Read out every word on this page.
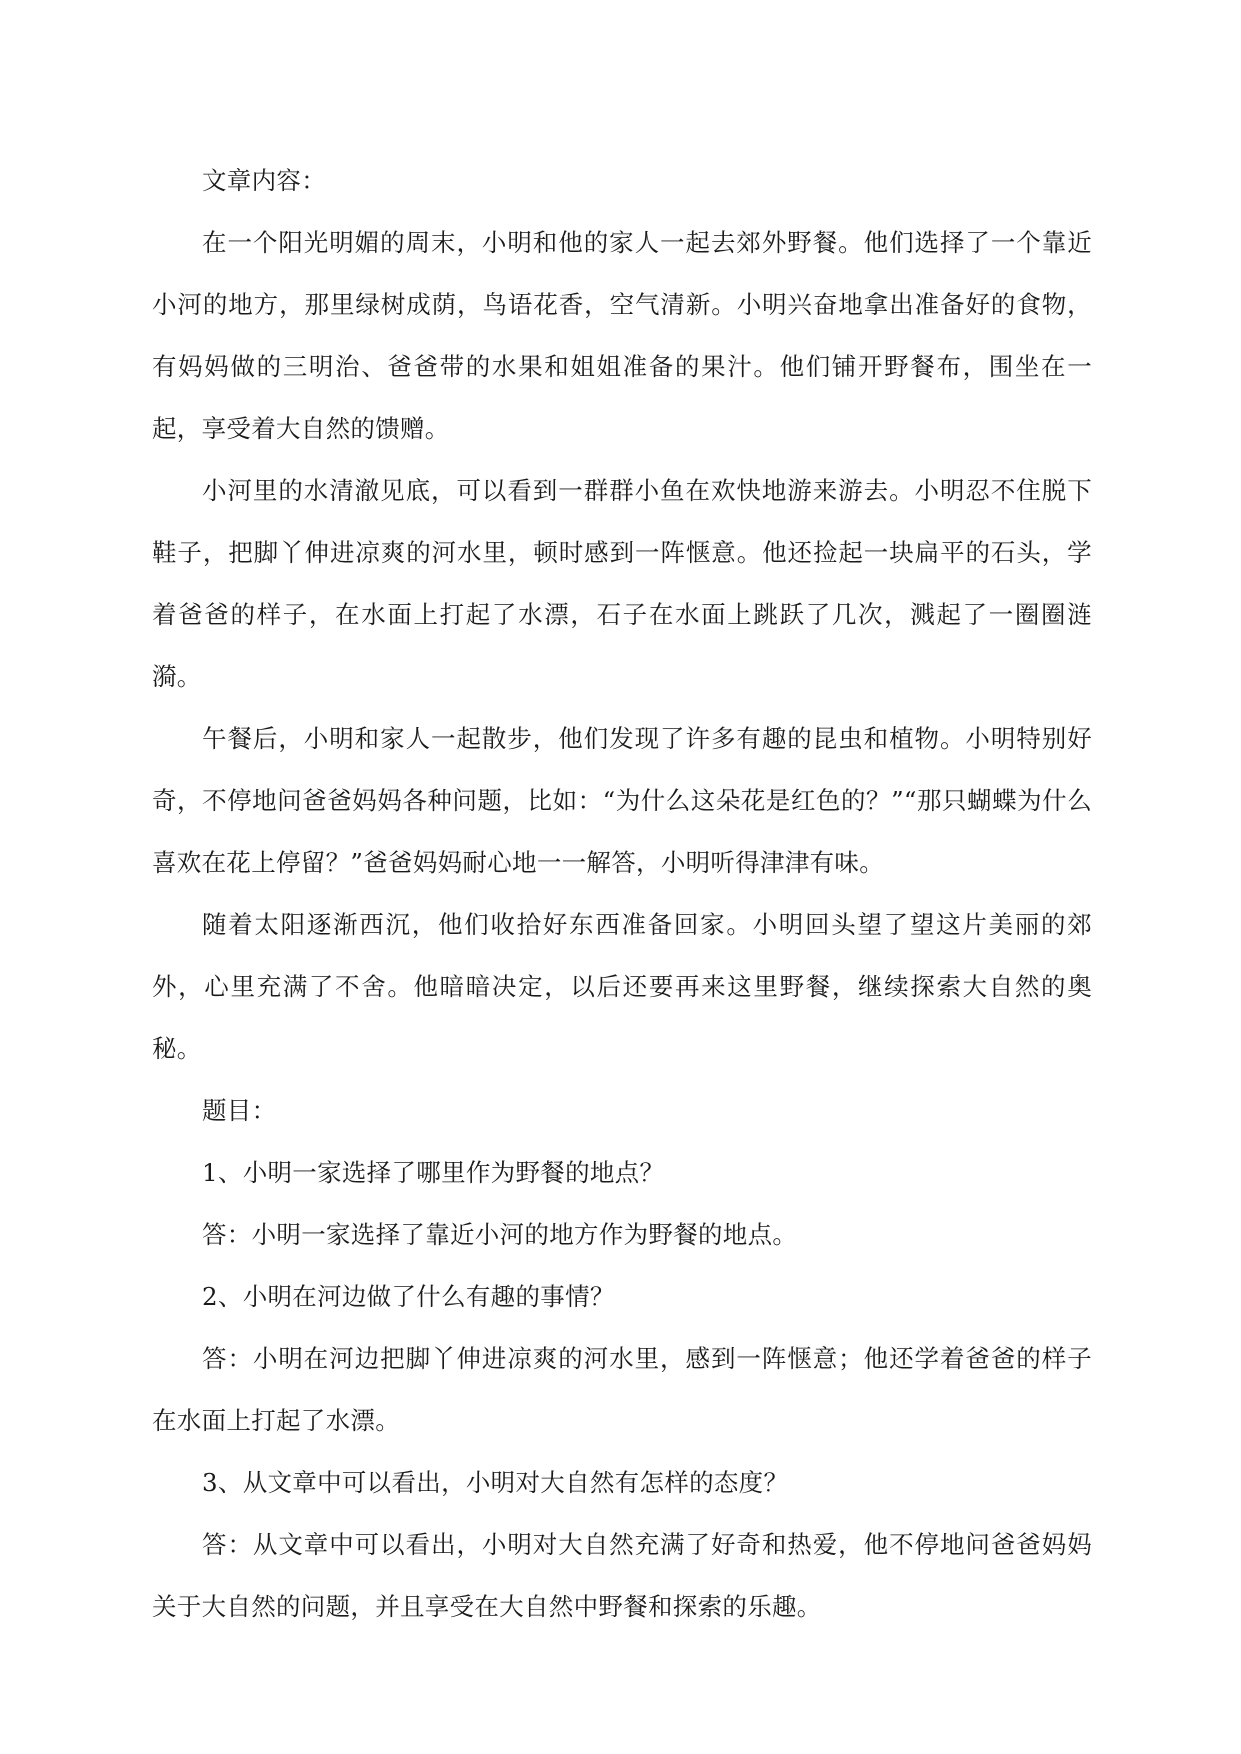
文章内容：

在一个阳光明媚的周末，小明和他的家人一起去郊外野餐。他们选择了一个靠近小河的地方，那里绿树成荫，鸟语花香，空气清新。小明兴奋地拿出准备好的食物，有妈妈做的三明治、爸爸带的水果和姐姐准备的果汁。他们铺开野餐布，围坐在一起，享受着大自然的馈赠。

小河里的水清澈见底，可以看到一群群小鱼在欢快地游来游去。小明忍不住脱下鞋子，把脚丫伸进凉爽的河水里，顿时感到一阵惬意。他还捡起一块扁平的石头，学着爸爸的样子，在水面上打起了水漂，石子在水面上跳跃了几次，溅起了一圈圈涟漪。

午餐后，小明和家人一起散步，他们发现了许多有趣的昆虫和植物。小明特别好奇，不停地问爸爸妈妈各种问题，比如：“为什么这朵花是红色的？”“那只蝴蝶为什么喜欢在花上停留？”爸爸妈妈耐心地一一解答，小明听得津津有味。

随着太阳逐渐西沉，他们收拾好东西准备回家。小明回头望了望这片美丽的郊外，心里充满了不舍。他暗暗决定，以后还要再来这里野餐，继续探索大自然的奥秘。

题目：

1、小明一家选择了哪里作为野餐的地点？

答：小明一家选择了靠近小河的地方作为野餐的地点。

2、小明在河边做了什么有趣的事情？

答：小明在河边把脚丫伸进凉爽的河水里，感到一阵惬意；他还学着爸爸的样子在水面上打起了水漂。

3、从文章中可以看出，小明对大自然有怎样的态度？

答：从文章中可以看出，小明对大自然充满了好奇和热爱，他不停地问爸爸妈妈关于大自然的问题，并且享受在大自然中野餐和探索的乐趣。
